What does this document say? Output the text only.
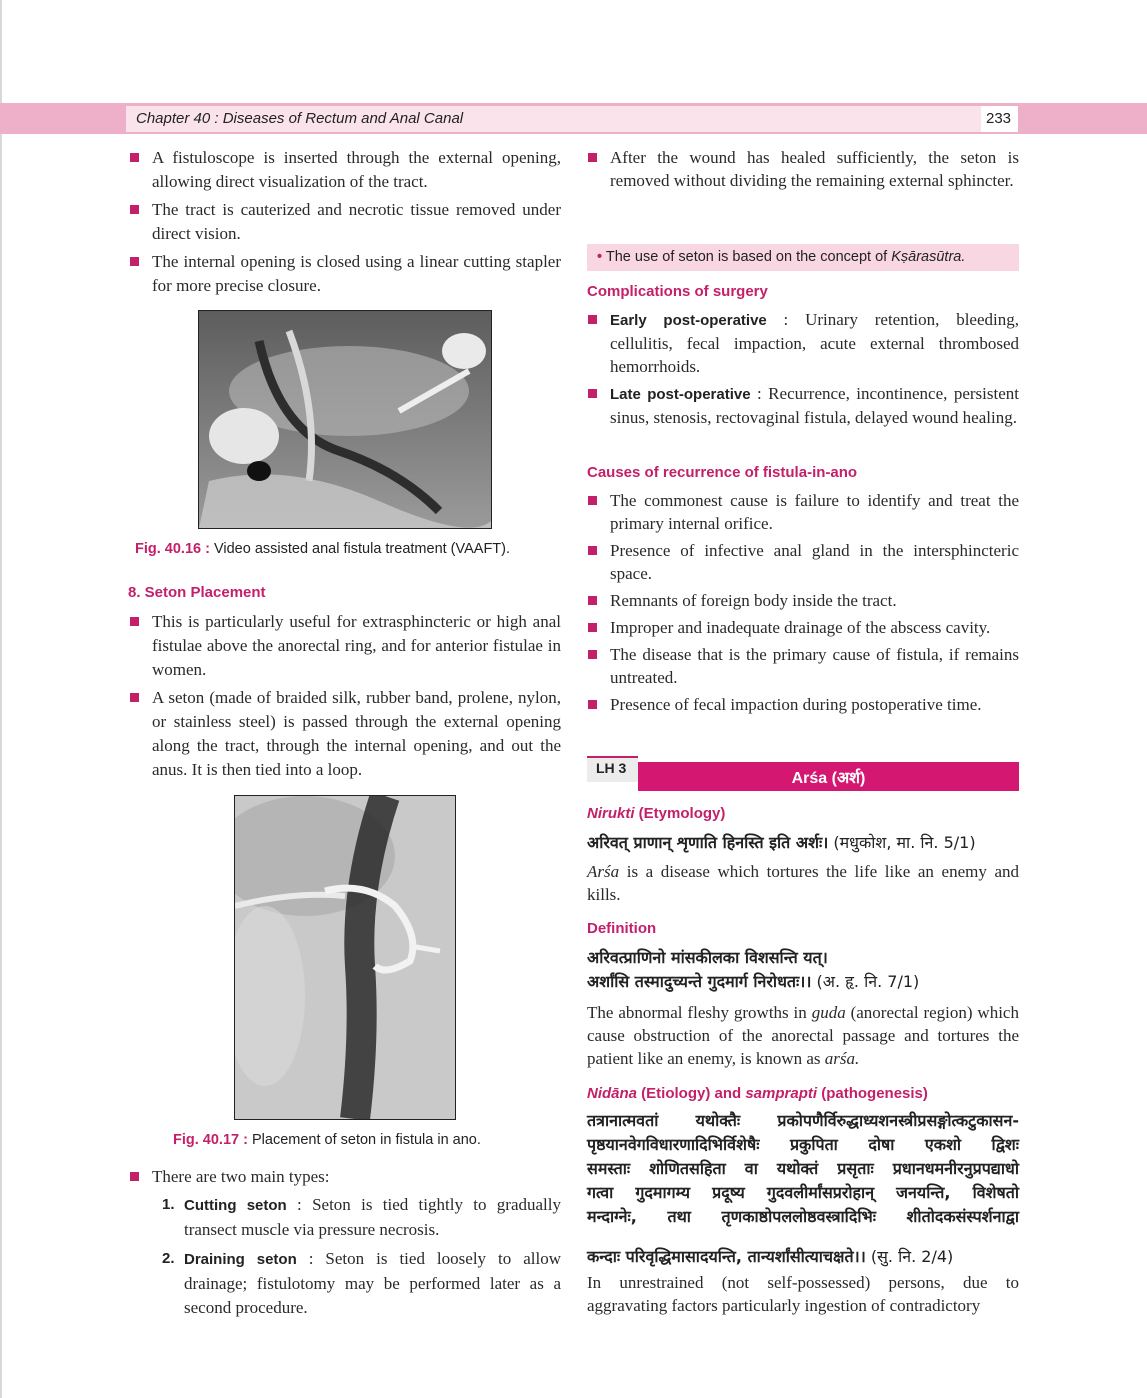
Chapter 40 : Diseases of Rectum and Anal Canal	233
A fistuloscope is inserted through the external opening, allowing direct visualization of the tract.
The tract is cauterized and necrotic tissue removed under direct vision.
The internal opening is closed using a linear cutting stapler for more precise closure.
Fig. 40.16 : Video assisted anal fistula treatment (VAAFT).
8. Seton Placement
This is particularly useful for extrasphincteric or high anal fistulae above the anorectal ring, and for anterior fistulae in women.
A seton (made of braided silk, rubber band, prolene, nylon, or stainless steel) is passed through the external opening along the tract, through the internal opening, and out the anus. It is then tied into a loop.
Fig. 40.17 : Placement of seton in fistula in ano.
There are two main types:
1. Cutting seton : Seton is tied tightly to gradually transect muscle via pressure necrosis.
2. Draining seton : Seton is tied loosely to allow drainage; fistulotomy may be performed later as a second procedure.
After the wound has healed sufficiently, the seton is removed without dividing the remaining external sphincter.
• The use of seton is based on the concept of Kṣārasūtra.
Complications of surgery
Early post-operative : Urinary retention, bleeding, cellulitis, fecal impaction, acute external thrombosed hemorrhoids.
Late post-operative : Recurrence, incontinence, persistent sinus, stenosis, rectovaginal fistula, delayed wound healing.
Causes of recurrence of fistula-in-ano
The commonest cause is failure to identify and treat the primary internal orifice.
Presence of infective anal gland in the intersphincteric space.
Remnants of foreign body inside the tract.
Improper and inadequate drainage of the abscess cavity.
The disease that is the primary cause of fistula, if remains untreated.
Presence of fecal impaction during postoperative time.
LH 3
Arśa (अर्श)
Nirukti (Etymology)

अरिवत् प्राणान् शृणाति हिनस्ति इति अर्शः। (मधुकोश, मा. नि. 5/1)

Arśa is a disease which tortures the life like an enemy and kills.

Definition

अरिवत्प्राणिनो मांसकीलका विशसन्ति यत्।
अर्शांसि तस्मादुच्यन्ते गुदमार्ग निरोधतः।। (अ. हृ. नि. 7/1)

The abnormal fleshy growths in guda (anorectal region) which cause obstruction of the anorectal passage and tortures the patient like an enemy, is known as arśa.

Nidāna (Etiology) and samprapti (pathogenesis)
तत्रानात्मवतां यथोक्तैः प्रकोपणैर्विरुद्धाध्यशनस्त्रीप्रसङ्गोत्कटुकासन-
पृष्ठयानवेगविधारणादिभिर्विशेषैः प्रकुपिता दोषा एकशो द्विशः
समस्ताः शोणितसहिता वा यथोक्तं प्रसृताः प्रधानधमनीरनुप्रपद्याधो
गत्वा गुदमागम्य प्रदूष्य गुदवलीर्मांसप्ररोहान् जनयन्ति, विशेषतो
मन्दाग्नेः, तथा तृणकाष्ठोपललोष्ठवस्त्रादिभिः शीतोदकसंस्पर्शनाद्वा

कन्दाः परिवृद्धिमासादयन्ति, तान्यर्शांसीत्याचक्षते।। (सु. नि. 2/4)

In unrestrained (not self-possessed) persons, due to aggravating factors particularly ingestion of contradictory
